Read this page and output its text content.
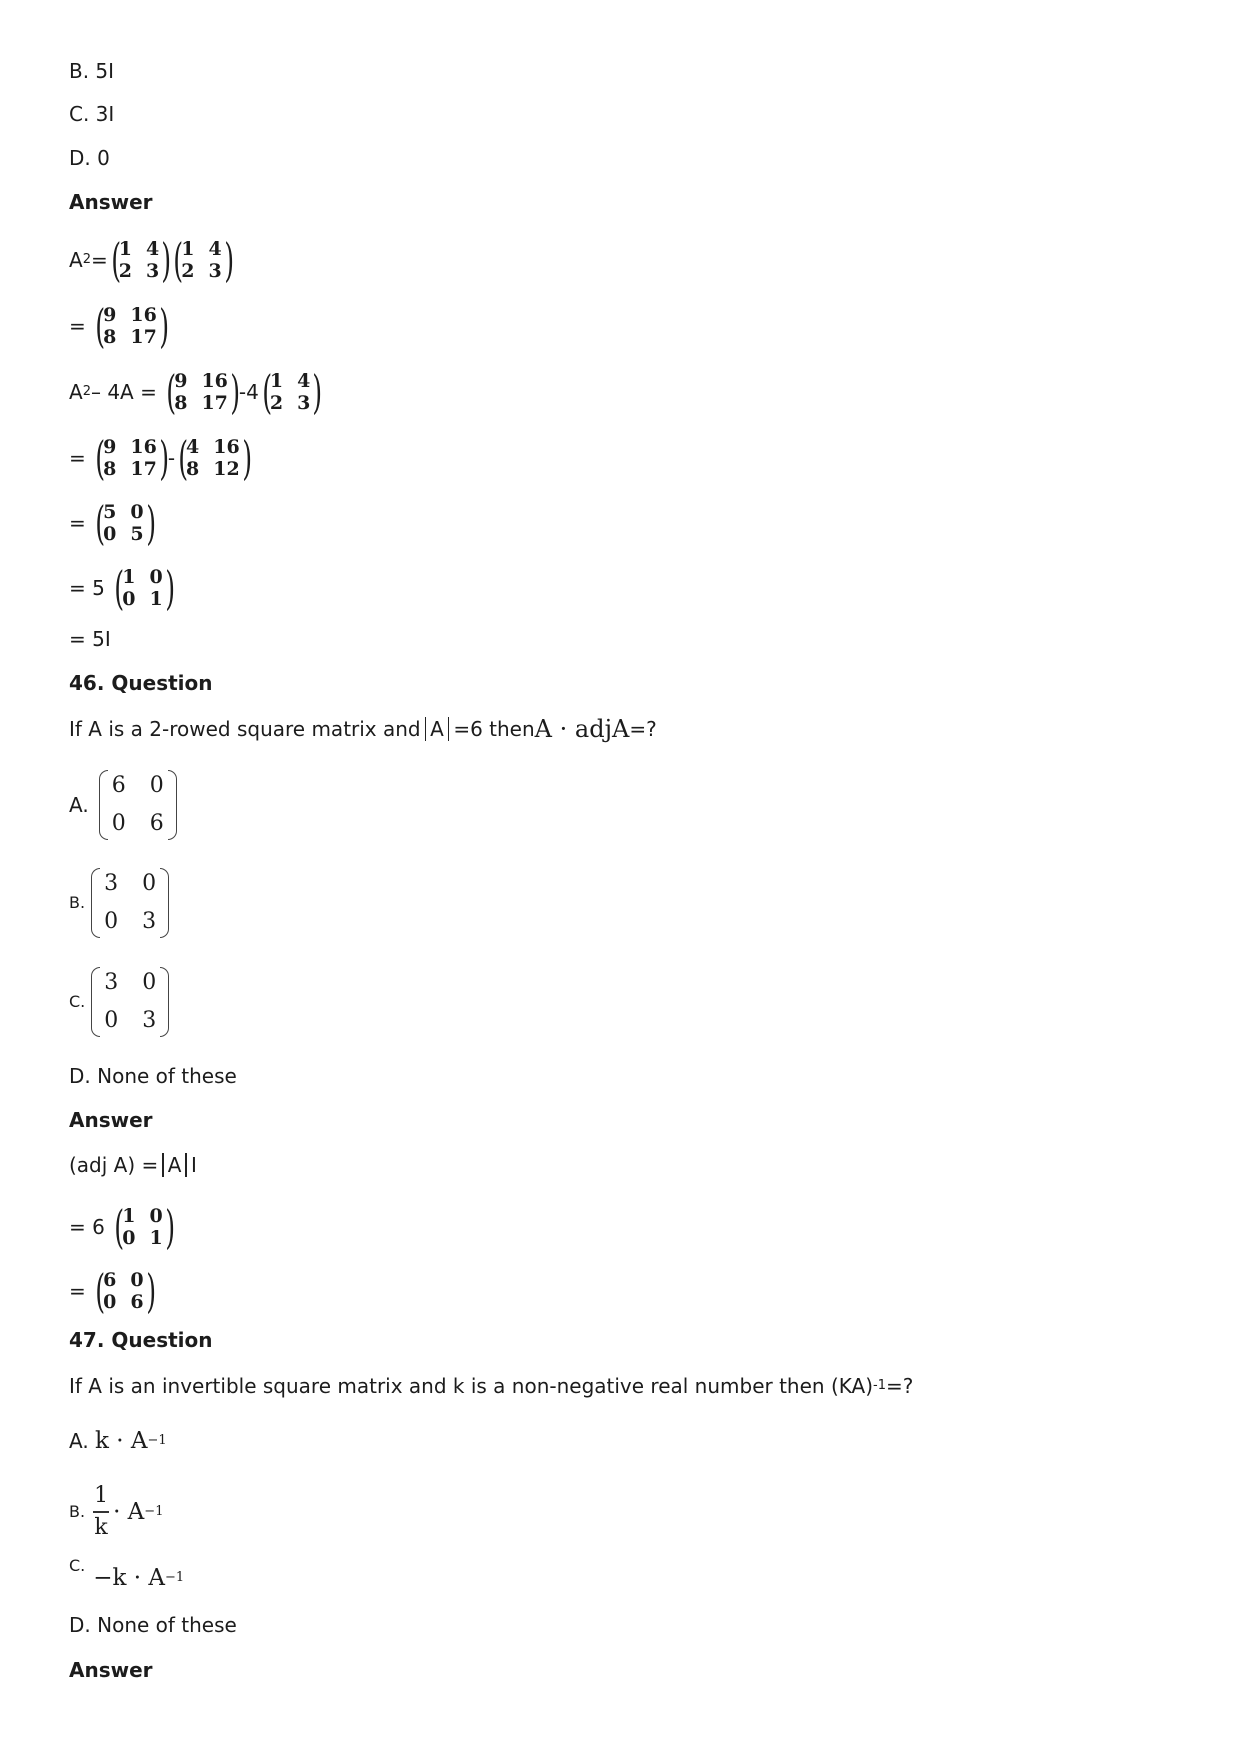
B. 5I
C. 3I
D. 0
Answer
A 2 = (
1 4
2 3 ) (
1 4
2 3 )
=
(
9 16
8 17 )
A 2 – 4A =
(
9 16
8 17 )
-4 (
1 4
2 3 )
=
(
9 16
8 17 )
- (
4 16
8 12 )
=
(
5 0
0 5 )
= 5
(
1 0
0 1 )
= 5I
46. Question
If A is a 2-rowed square matrix and A =6 then A · adjA =?
A.
6 0
0 6
B.
3 0
0 3
C.
3 0
0 3
D. None of these
Answer
(adj A) = A I
= 6
(
1 0
0 1 )
=
(
6 0
0 6 )
47. Question
If A is an invertible square matrix and k is a non-negative real number then (KA) -1 =?
A.
k · A −1
B. $\frac{1}{k} \cdot A -1$
C. −k · A −1
D. None of these
Answer
